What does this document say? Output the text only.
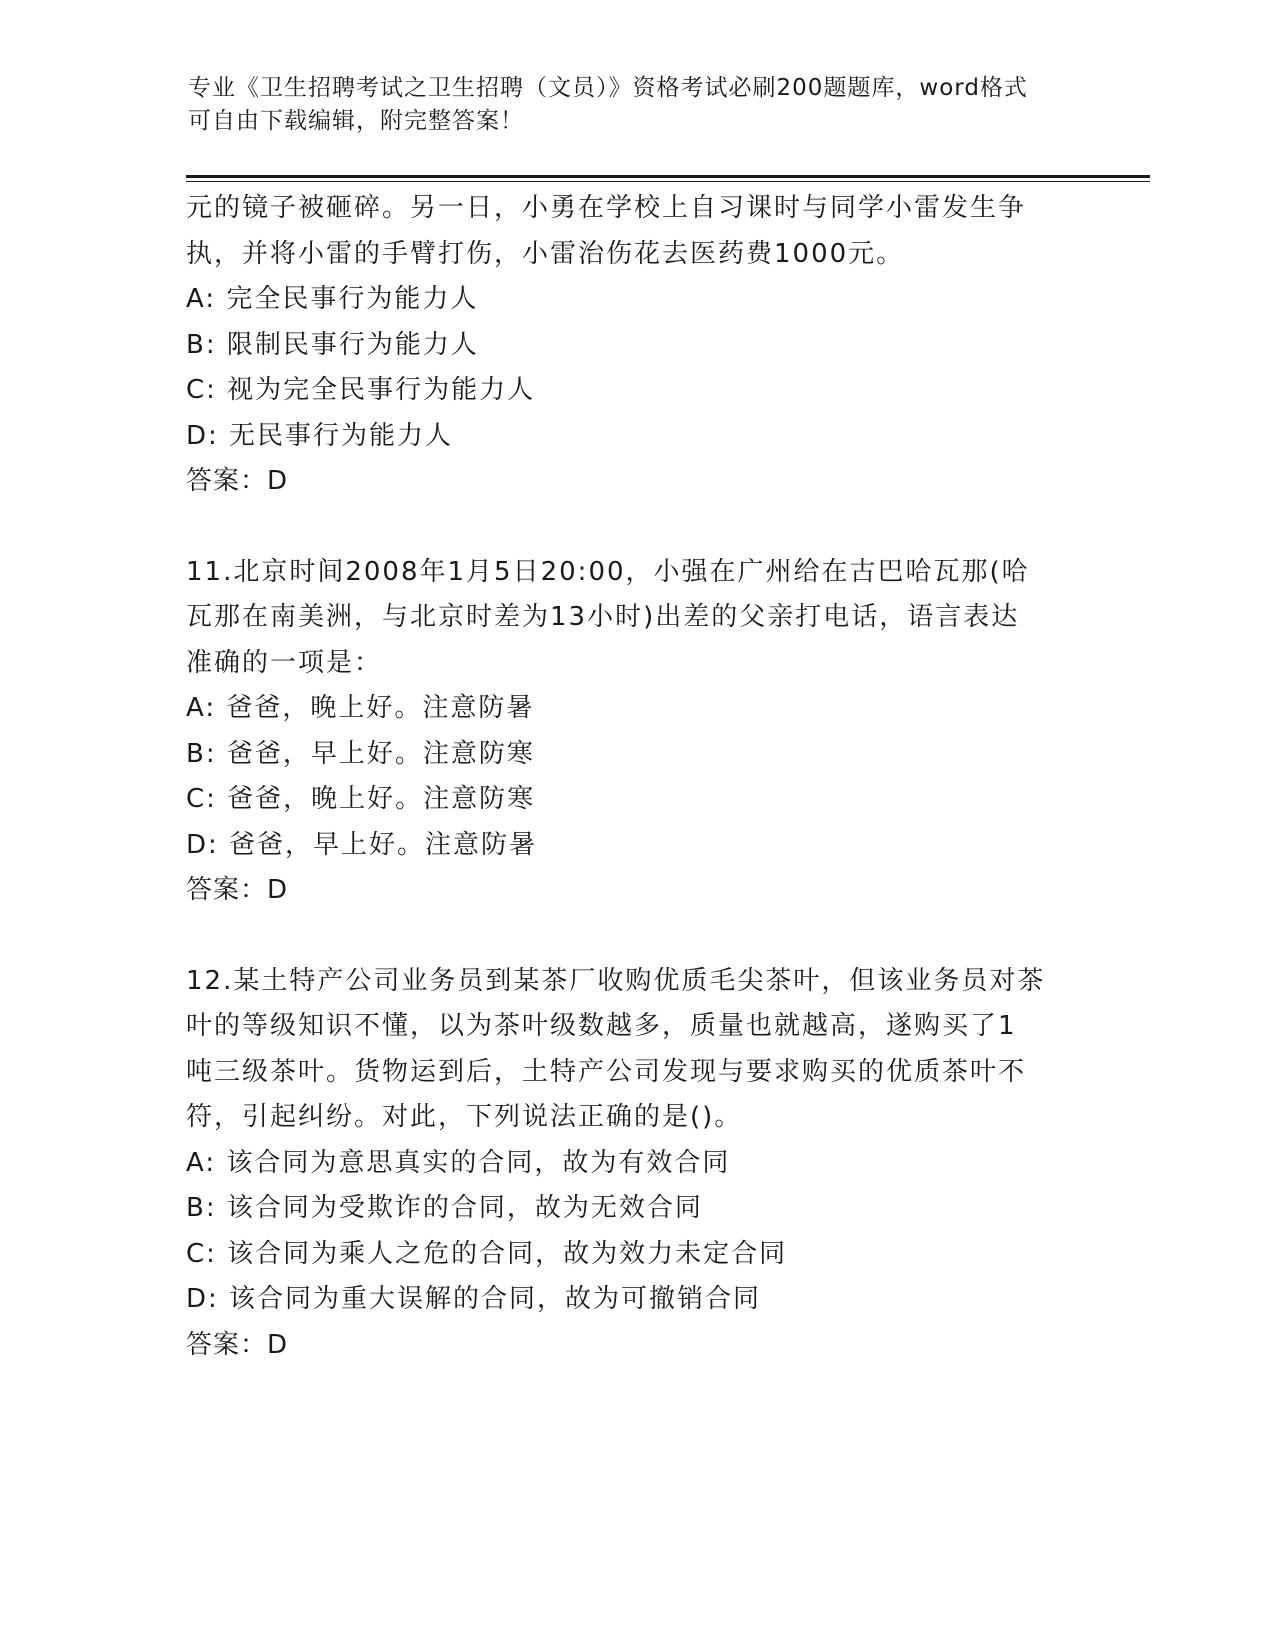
专业《卫生招聘考试之卫生招聘（文员）》资格考试必刷200题题库，word格式
可自由下载编辑，附完整答案！
元的镜子被砸碎。另一日，小勇在学校上自习课时与同学小雷发生争
执，并将小雷的手臂打伤，小雷治伤花去医药费1000元。
A: 完全民事行为能力人
B: 限制民事行为能力人
C: 视为完全民事行为能力人
D: 无民事行为能力人
答案：D
11.北京时间2008年1月5日20:00，小强在广州给在古巴哈瓦那(哈
瓦那在南美洲，与北京时差为13小时)出差的父亲打电话，语言表达
准确的一项是：
A: 爸爸，晚上好。注意防暑
B: 爸爸，早上好。注意防寒
C: 爸爸，晚上好。注意防寒
D: 爸爸，早上好。注意防暑
答案：D
12.某土特产公司业务员到某茶厂收购优质毛尖茶叶，但该业务员对茶
叶的等级知识不懂，以为茶叶级数越多，质量也就越高，遂购买了1
吨三级茶叶。货物运到后，土特产公司发现与要求购买的优质茶叶不
符，引起纠纷。对此，下列说法正确的是()。
A: 该合同为意思真实的合同，故为有效合同
B: 该合同为受欺诈的合同，故为无效合同
C: 该合同为乘人之危的合同，故为效力未定合同
D: 该合同为重大误解的合同，故为可撤销合同
答案：D
